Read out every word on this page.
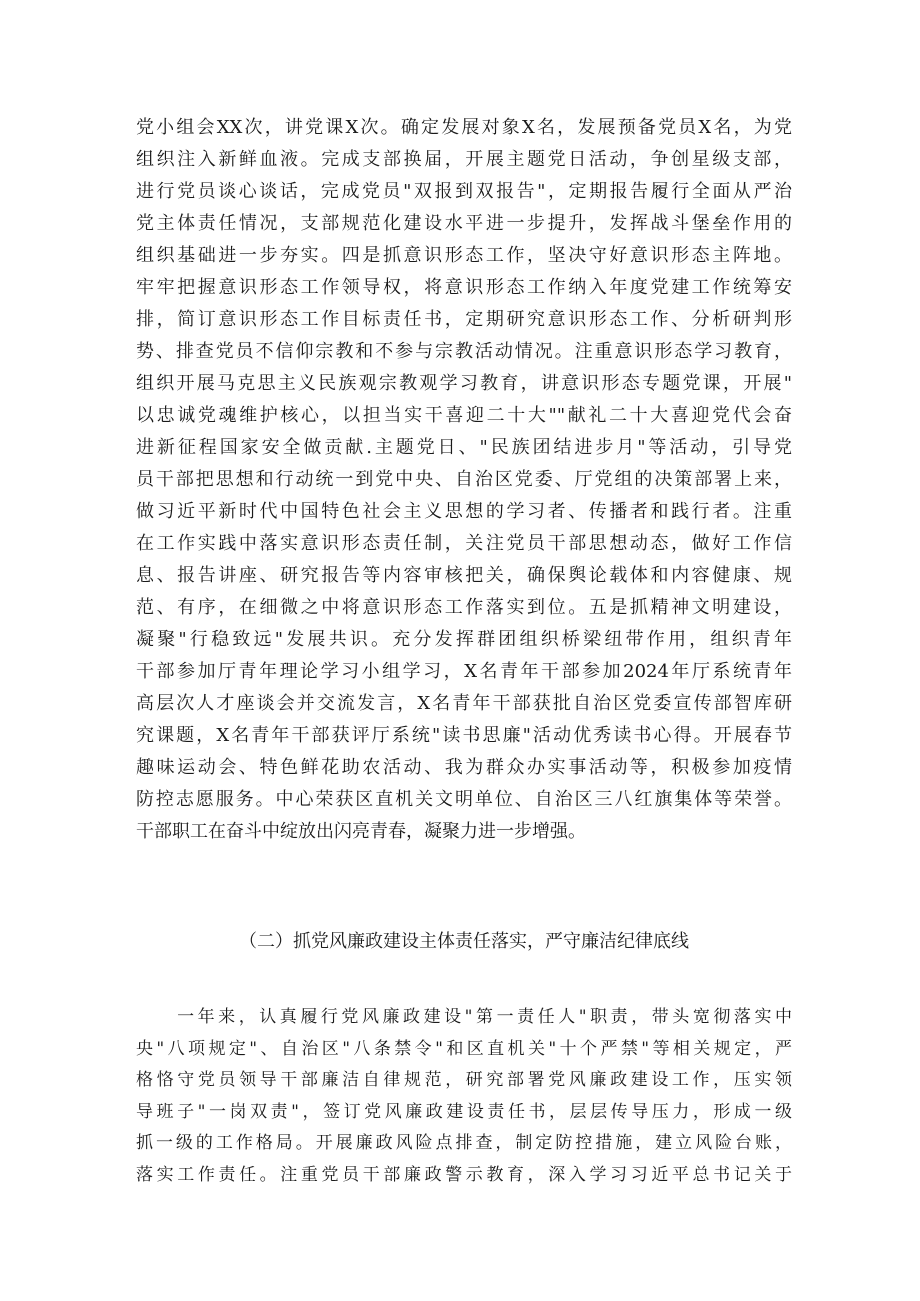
党小组会XX次，讲党课X次。确定发展对象X名，发展预备党员X名，为党
组织注入新鲜血液。完成支部换届，开展主题党日活动，争创星级支部，
进行党员谈心谈话，完成党员"双报到双报告"，定期报告履行全面从严治
党主体责任情况，支部规范化建设水平进一步提升，发挥战斗堡垒作用的
组织基础进一步夯实。四是抓意识形态工作，坚决守好意识形态主阵地。
牢牢把握意识形态工作领导权，将意识形态工作纳入年度党建工作统筹安
排，简订意识形态工作目标责任书，定期研究意识形态工作、分析研判形
势、排查党员不信仰宗教和不参与宗教活动情况。注重意识形态学习教育，
组织开展马克思主义民族观宗教观学习教育，讲意识形态专题党课，开展"
以忠诚党魂维护核心，以担当实干喜迎二十大""献礼二十大喜迎党代会奋
进新征程国家安全做贡献.主题党日、"民族团结进步月"等活动，引导党
员干部把思想和行动统一到党中央、自治区党委、厅党组的决策部署上来，
做习近平新时代中国特色社会主义思想的学习者、传播者和践行者。注重
在工作实践中落实意识形态责任制，关注党员干部思想动态，做好工作信
息、报告讲座、研究报告等内容审核把关，确保舆论载体和内容健康、规
范、有序，在细微之中将意识形态工作落实到位。五是抓精神文明建设，
凝聚"行稳致远"发展共识。充分发挥群团组织桥梁纽带作用，组织青年
干部参加厅青年理论学习小组学习，X名青年干部参加2024年厅系统青年
高层次人才座谈会并交流发言，X名青年干部获批自治区党委宣传部智库研
究课题，X名青年干部获评厅系统"读书思廉"活动优秀读书心得。开展春节
趣味运动会、特色鲜花助农活动、我为群众办实事活动等，积极参加疫情
防控志愿服务。中心荣获区直机关文明单位、自治区三八红旗集体等荣誉。
干部职工在奋斗中绽放出闪亮青春，凝聚力进一步增强。
（二）抓党风廉政建设主体责任落实，严守廉洁纪律底线
　　一年来，认真履行党风廉政建设"第一责任人"职责，带头宽彻落实中
央"八项规定"、自治区"八条禁令"和区直机关"十个严禁"等相关规定，严
格恪守党员领导干部廉洁自律规范，研究部署党风廉政建设工作，压实领
导班子"一岗双责"，签订党风廉政建设责任书，层层传导压力，形成一级
抓一级的工作格局。开展廉政风险点排查，制定防控措施，建立风险台账，
落实工作责任。注重党员干部廉政警示教育，深入学习习近平总书记关于
